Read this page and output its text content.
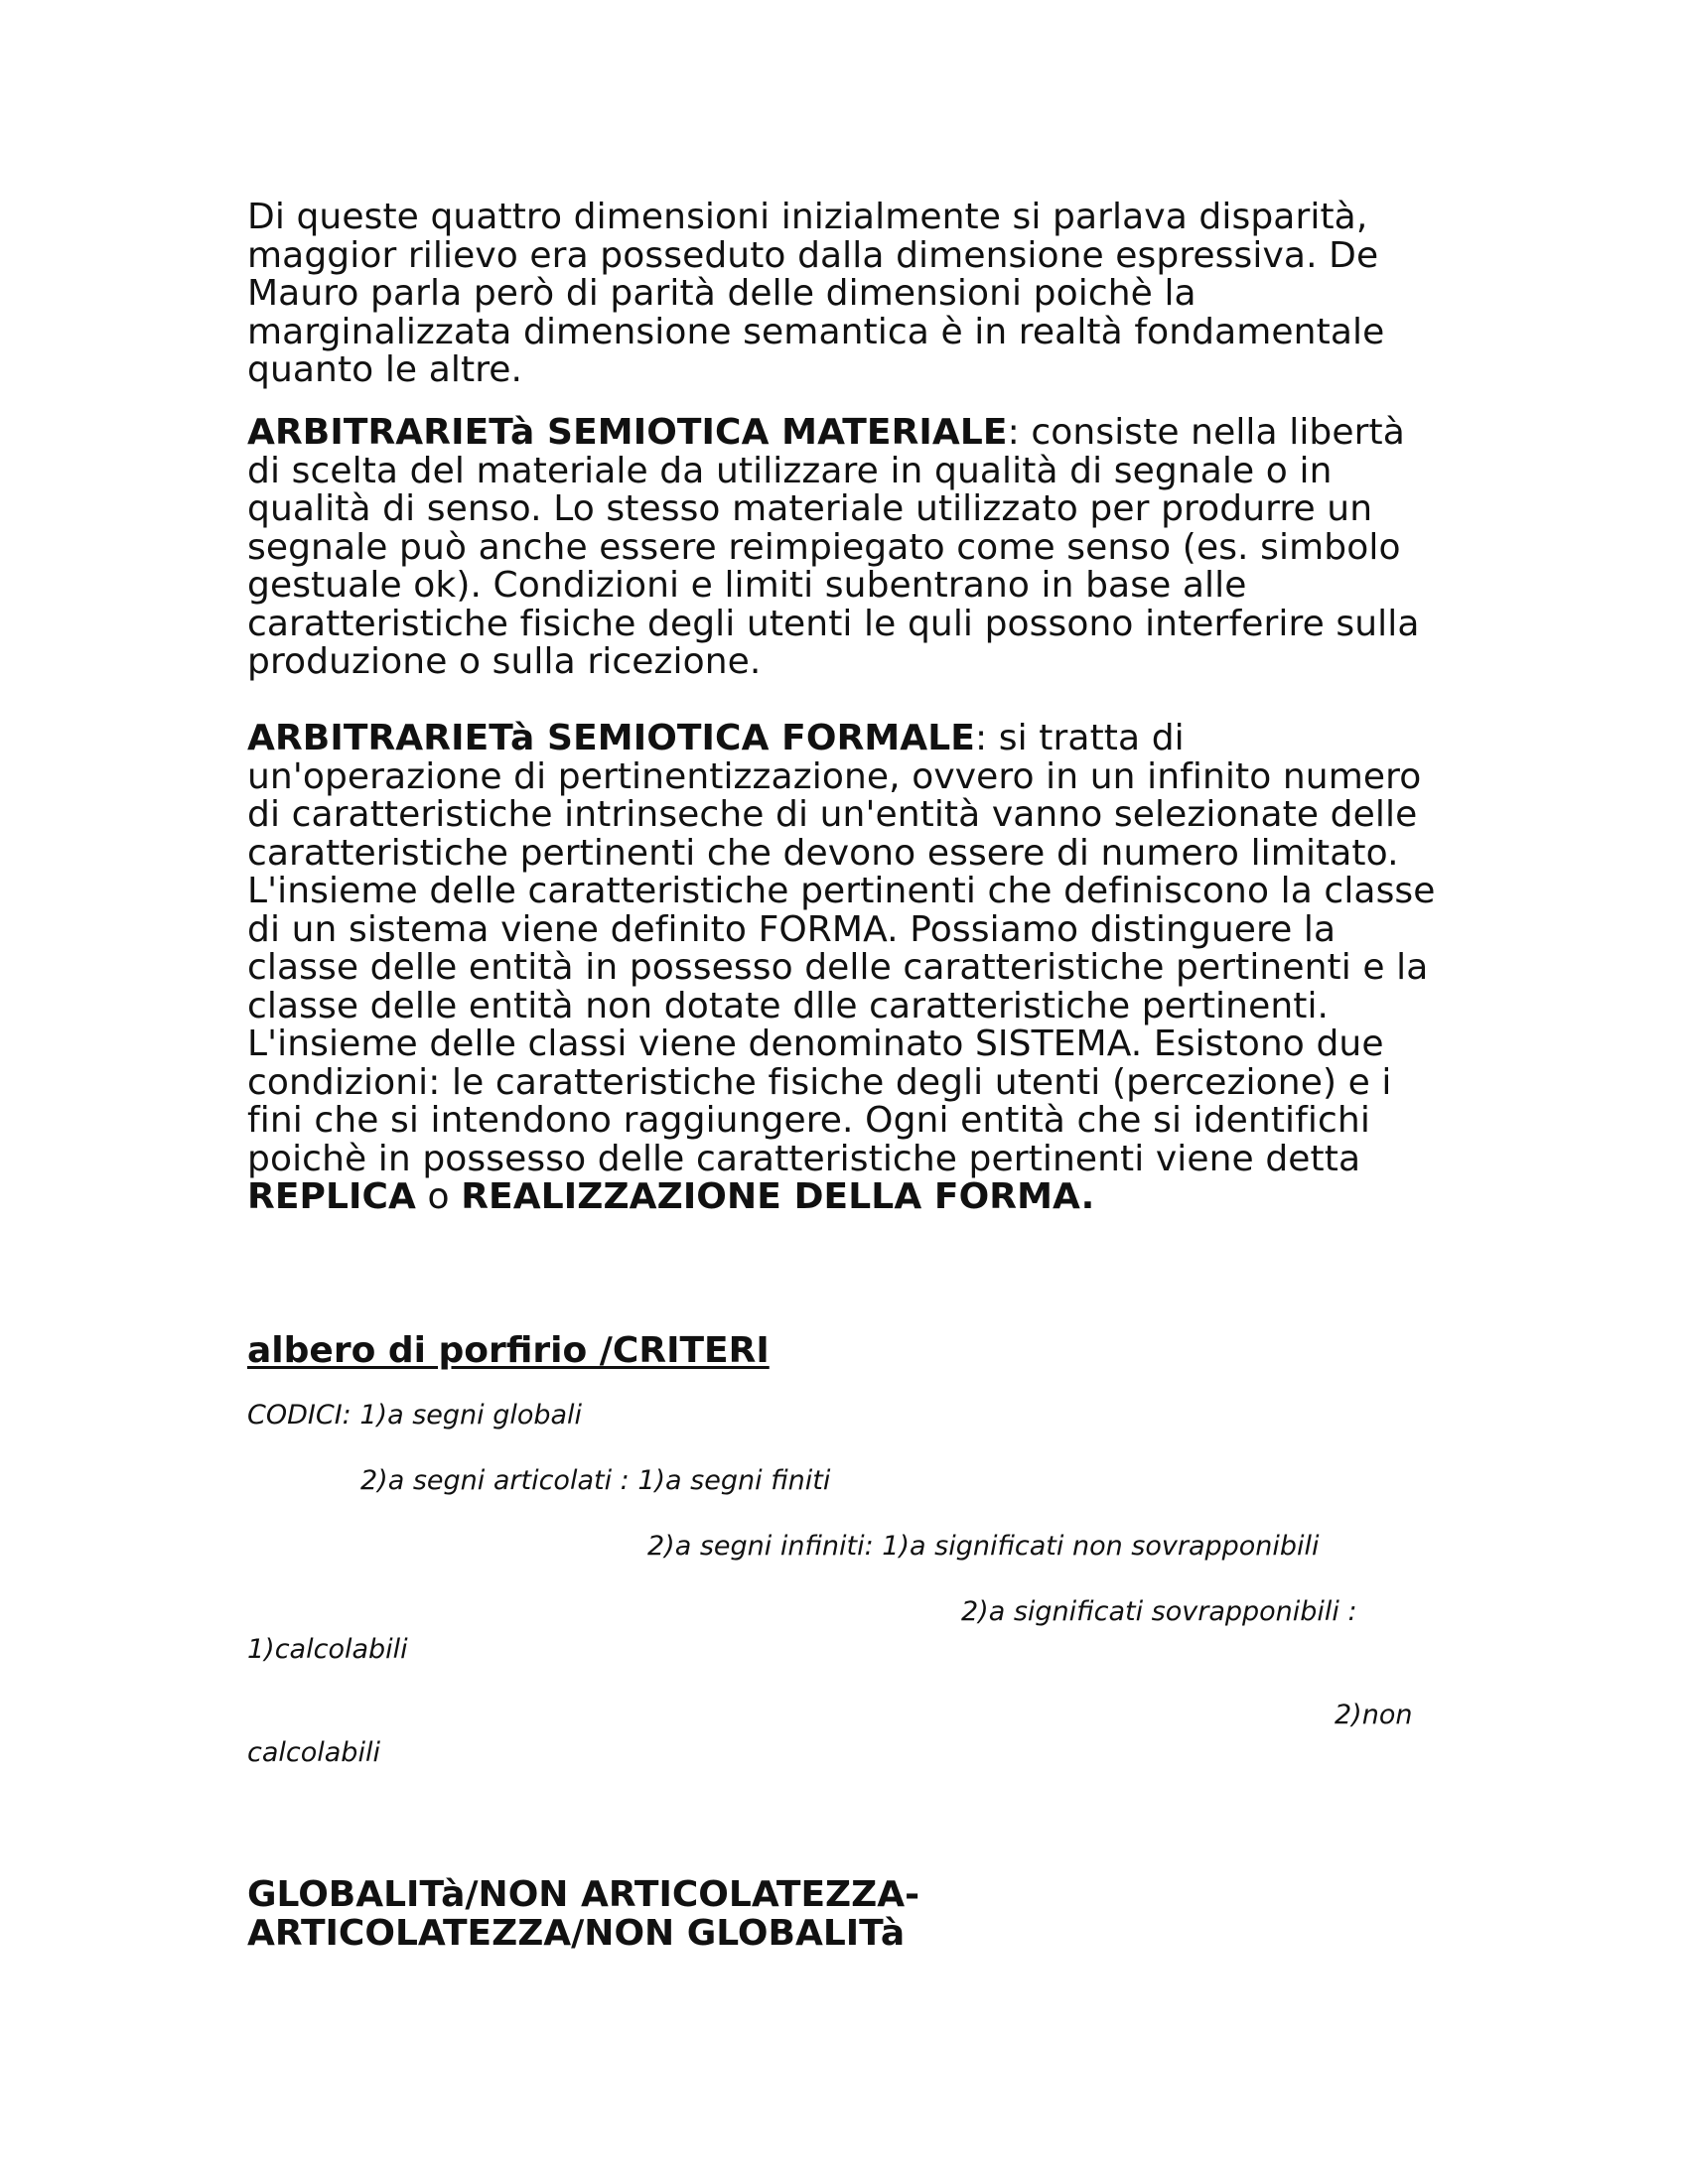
Di queste quattro dimensioni inizialmente si parlava disparità, maggior rilievo era posseduto dalla dimensione espressiva. De Mauro parla però di parità delle dimensioni poichè la marginalizzata dimensione semantica è in realtà fondamentale quanto le altre.

ARBITRARIETà SEMIOTICA MATERIALE: consiste nella libertà di scelta del materiale da utilizzare in qualità di segnale o in qualità di senso. Lo stesso materiale utilizzato per produrre un segnale può anche essere reimpiegato come senso (es. simbolo gestuale ok). Condizioni e limiti subentrano in base alle caratteristiche fisiche degli utenti le quli possono interferire sulla produzione o sulla ricezione.

ARBITRARIETà SEMIOTICA FORMALE: si tratta di un'operazione di pertinentizzazione, ovvero in un infinito numero di caratteristiche intrinseche di un'entità vanno selezionate delle caratteristiche pertinenti che devono essere di numero limitato. L'insieme delle caratteristiche pertinenti che definiscono la classe di un sistema viene definito FORMA. Possiamo distinguere la classe delle entità in possesso delle caratteristiche pertinenti e la classe delle entità non dotate dlle caratteristiche pertinenti. L'insieme delle classi viene denominato SISTEMA. Esistono due condizioni: le caratteristiche fisiche degli utenti (percezione) e i fini che si intendono raggiungere. Ogni entità che si identifichi poichè in possesso delle caratteristiche pertinenti viene detta REPLICA o REALIZZAZIONE DELLA FORMA.

albero di porfirio /CRITERI

CODICI: 1)a segni globali

2)a segni articolati : 1)a segni finiti

2)a segni infiniti: 1)a significati non sovrapponibili

2)a significati sovrapponibili :

1)calcolabili

2)non

calcolabili

GLOBALITà/NON ARTICOLATEZZA-
ARTICOLATEZZA/NON GLOBALITà
